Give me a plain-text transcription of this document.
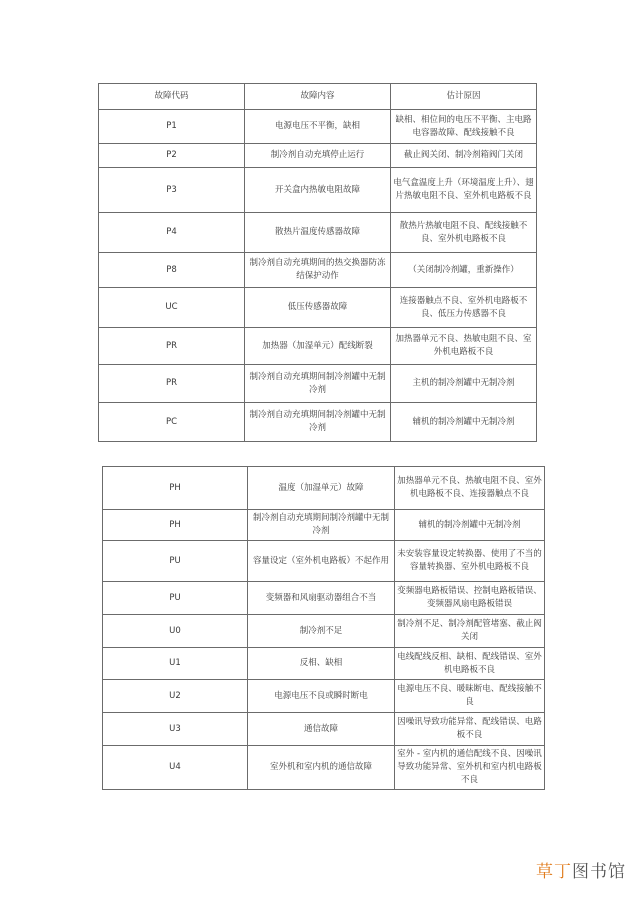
故障代码	故障内容	估计原因
P1	电源电压不平衡，缺相	缺相、相位间的电压不平衡、主电路电容器故障、配线接触不良
P2	制冷剂自动充填停止运行	截止阀关闭、制冷剂箱阀门关闭
P3	开关盒内热敏电阻故障	电气盒温度上升（环境温度上升）、翅片热敏电阻不良、室外机电路板不良
P4	散热片温度传感器故障	散热片热敏电阻不良、配线接触不良、室外机电路板不良
P8	制冷剂自动充填期间的热交换器防冻结保护动作	（关闭制冷剂罐，重新操作）
UC	低压传感器故障	连接器触点不良、室外机电路板不良、低压力传感器不良
PR	加热器（加湿单元）配线断裂	加热器单元不良、热敏电阻不良、室外机电路板不良
PR	制冷剂自动充填期间制冷剂罐中无制冷剂	主机的制冷剂罐中无制冷剂
PC	制冷剂自动充填期间制冷剂罐中无制冷剂	辅机的制冷剂罐中无制冷剂
PH	温度（加湿单元）故障	加热器单元不良、热敏电阻不良、室外机电路板不良、连接器触点不良
PH	制冷剂自动充填期间制冷剂罐中无制冷剂	辅机的制冷剂罐中无制冷剂
PU	容量设定（室外机电路板）不起作用	未安装容量设定转换器、使用了不当的容量转换器、室外机电路板不良
PU	变频器和风扇驱动器组合不当	变频器电路板错误、控制电路板错误、变频器风扇电路板错误
U0	制冷剂不足	制冷剂不足、制冷剂配管堵塞、截止阀关闭
U1	反相、缺相	电线配线反相、缺相、配线错误、室外机电路板不良
U2	电源电压不良或瞬时断电	电源电压不良、暖昧断电、配线接触不良
U3	通信故障	因噪讯导致功能异常、配线错误、电路板不良
U4	室外机和室内机的通信故障	室外 - 室内机的通信配线不良、因噪讯导致功能异常、室外机和室内机电路板不良
草丁图书馆
